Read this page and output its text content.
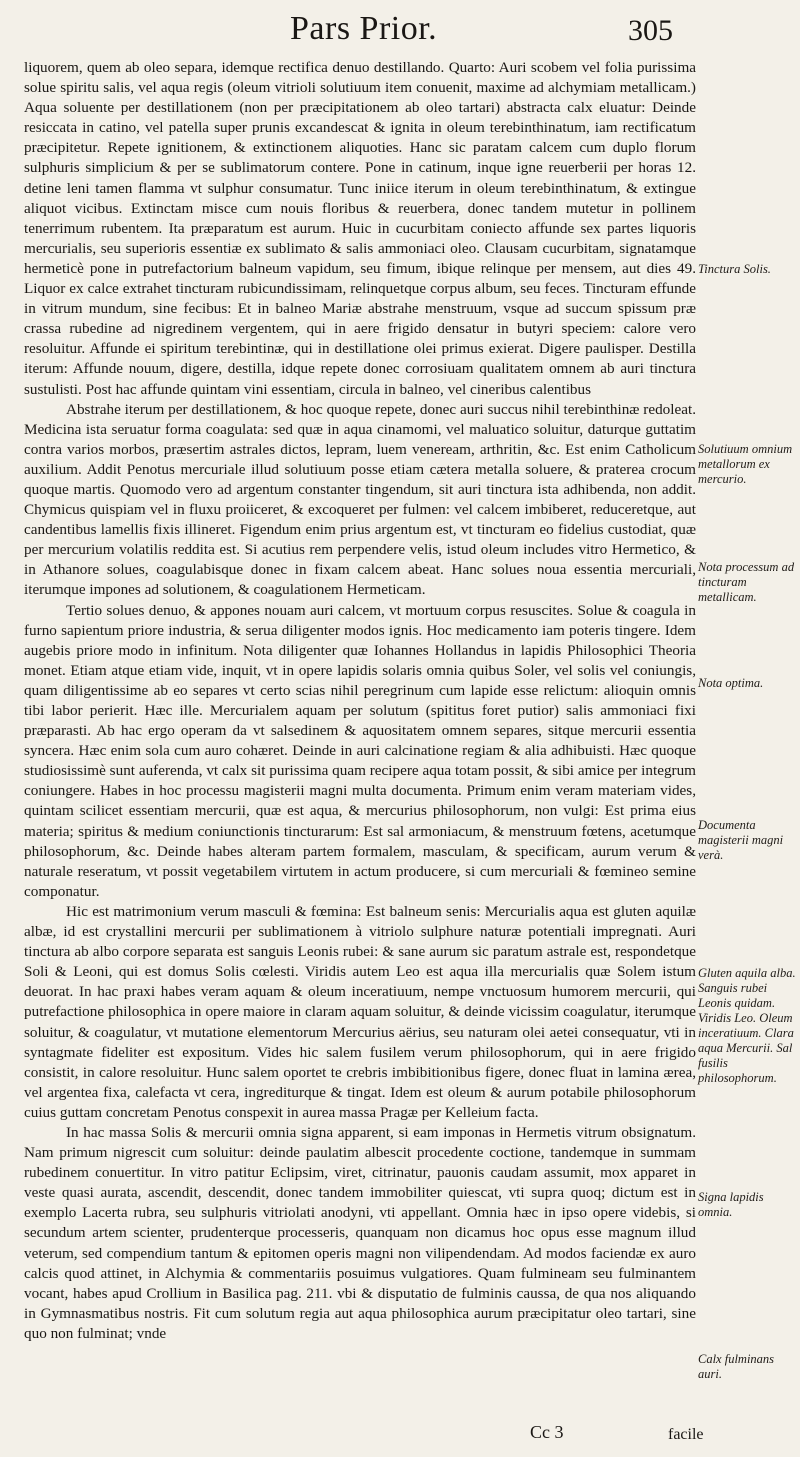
Pars Prior.	305

liquorem, quem ab oleo separa, idemque rectifica denuo destillando. Quarto: Auri scobem vel folia purissima solue spiritu salis, vel aqua regis (oleum vitrioli solutiuum item conuenit, maxime ad alchymiam metallicam.) Aqua soluente per destillationem (non per præcipitationem ab oleo tartari) abstracta calx eluatur: Deinde resiccata in catino, vel patella super prunis excandescat & ignita in oleum terebinthinatum, iam rectificatum præcipitetur. Repete ignitionem, & extinctionem aliquoties. Hanc sic paratam calcem cum duplo florum sulphuris simplicium & per se sublimatorum contere. Pone in catinum, inque igne reuerberii per horas 12. detine leni tamen flamma vt sulphur consumatur. Tunc iniice iterum in oleum terebinthinatum, & extingue aliquot vicibus. Extinctam misce cum nouis floribus & reuerbera, donec tandem mutetur in pollinem tenerrimum rubentem. Ita præparatum est aurum. Huic in cucurbitam coniecto affunde sex partes liquoris mercurialis, seu superioris essentiæ ex sublimato & salis ammoniaci oleo. Clausam cucurbitam, signatamque hermeticè pone in putrefactorium balneum vapidum, seu fimum, ibique relinque per mensem, aut dies 49. Liquor ex calce extrahet tincturam rubicundissimam, relinquetque corpus album, seu feces. Tincturam effunde in vitrum mundum, sine fecibus: Et in balneo Mariæ abstrahe menstruum, vsque ad succum spissum præ crassa rubedine ad nigredinem vergentem, qui in aere frigido densatur in butyri speciem: calore vero resoluitur. Affunde ei spiritum terebintinæ, qui in destillatione olei primus exierat. Digere paulisper. Destilla iterum: Affunde nouum, digere, destilla, idque repete donec corrosiuam qualitatem omnem ab auri tinctura sustulisti. Post hac affunde quintam vini essentiam, circula in balneo, vel cineribus calentibus

Abstrahe iterum per destillationem, & hoc quoque repete, donec auri succus nihil terebinthinæ redoleat. Medicina ista seruatur forma coagulata: sed quæ in aqua cinamomi, vel maluatico soluitur, daturque guttatim contra varios morbos, præsertim astrales dictos, lepram, luem veneream, arthritin, &c. Est enim Catholicum auxilium. Addit Penotus mercuriale illud solutiuum posse etiam cætera metalla soluere, & praterea crocum quoque martis. Quomodo vero ad argentum constanter tingendum, sit auri tinctura ista adhibenda, non addit. Chymicus quispiam vel in fluxu proiiceret, & excoqueret per fulmen: vel calcem imbiberet, reduceretque, aut candentibus lamellis fixis illineret. Figendum enim prius argentum est, vt tincturam eo fidelius custodiat, quæ per mercurium volatilis reddita est. Si acutius rem perpendere velis, istud oleum includes vitro Hermetico, & in Athanore solues, coagulabisque donec in fixam calcem abeat. Hanc solues noua essentia mercuriali, iterumque impones ad solutionem, & coagulationem Hermeticam.

Tertio solues denuo, & appones nouam auri calcem, vt mortuum corpus resuscites. Solue & coagula in furno sapientum priore industria, & serua diligenter modos ignis. Hoc medicamento iam poteris tingere. Idem augebis priore modo in infinitum. Nota diligenter quæ Iohannes Hollandus in lapidis Philosophici Theoria monet. Etiam atque etiam vide, inquit, vt in opere lapidis solaris omnia quibus Soler, vel solis vel coniungis, quam diligentissime ab eo separes vt certo scias nihil peregrinum cum lapide esse relictum: alioquin omnis tibi labor perierit. Hæc ille. Mercurialem aquam per solutum (spititus foret putior) salis ammoniaci fixi præparasti. Ab hac ergo operam da vt salsedinem & aquositatem omnem separes, sitque mercurii essentia syncera. Hæc enim sola cum auro cohæret. Deinde in auri calcinatione regiam & alia adhibuisti. Hæc quoque studiosissimè sunt auferenda, vt calx sit purissima quam recipere aqua totam possit, & sibi amice per integrum coniungere. Habes in hoc processu magisterii magni multa documenta. Primum enim veram materiam vides, quintam scilicet essentiam mercurii, quæ est aqua, & mercurius philosophorum, non vulgi: Est prima eius materia; spiritus & medium coniunctionis tincturarum: Est sal armoniacum, & menstruum fœtens, acetumque philosophorum, &c. Deinde habes alteram partem formalem, masculam, & specificam, aurum verum & naturale reseratum, vt possit vegetabilem virtutem in actum producere, si cum mercuriali & fœmineo semine componatur.

Hic est matrimonium verum masculi & fœmina: Est balneum senis: Mercurialis aqua est gluten aquilæ albæ, id est crystallini mercurii per sublimationem à vitriolo sulphure naturæ potentiali impregnati. Auri tinctura ab albo corpore separata est sanguis Leonis rubei: & sane aurum sic paratum astrale est, respondetque Soli & Leoni, qui est domus Solis cœlesti. Viridis autem Leo est aqua illa mercurialis quæ Solem istum deuorat. In hac praxi habes veram aquam & oleum inceratiuum, nempe vnctuosum humorem mercurii, qui putrefactione philosophica in opere maiore in claram aquam soluitur, & deinde vicissim coagulatur, iterumque soluitur, & coagulatur, vt mutatione elementorum Mercurius aërius, seu naturam olei aetei consequatur, vti in syntagmate fideliter est expositum. Vides hic salem fusilem verum philosophorum, qui in aere frigido consistit, in calore resoluitur. Hunc salem oportet te crebris imbibitionibus figere, donec fluat in lamina ærea, vel argentea fixa, calefacta vt cera, ingrediturque & tingat. Idem est oleum & aurum potabile philosophorum cuius guttam concretam Penotus conspexit in aurea massa Pragæ per Kelleium facta.

In hac massa Solis & mercurii omnia signa apparent, si eam imponas in Hermetis vitrum obsignatum. Nam primum nigrescit cum soluitur: deinde paulatim albescit procedente coctione, tandemque in summam rubedinem conuertitur. In vitro patitur Eclipsim, viret, citrinatur, pauonis caudam assumit, mox apparet in veste quasi aurata, ascendit, descendit, donec tandem immobiliter quiescat, vti supra quoq; dictum est in exemplo Lacerta rubra, seu sulphuris vitriolati anodyni, vti appellant. Omnia hæc in ipso opere videbis, si secundum artem scienter, prudenterque processeris, quanquam non dicamus hoc opus esse magnum illud veterum, sed compendium tantum & epitomen operis magni non vilipendendam. Ad modos faciendæ ex auro calcis quod attinet, in Alchymia & commentariis posuimus vulgatiores. Quam fulmineam seu fulminantem vocant, habes apud Crollium in Basilica pag. 211. vbi & disputatio de fulminis caussa, de qua nos aliquando in Gymnasmatibus nostris. Fit cum solutum regia aut aqua philosophica aurum præcipitatur oleo tartari, sine quo non fulminat; vnde

Tinctura Solis.
Solutiuum omnium metallorum ex mercurio.
Nota processum ad tincturam metallicam.
Nota optima.
Documenta magisterii magni verà.
Gluten aquila alba. Sanguis rubei Leonis quidam. Viridis Leo. Oleum inceratiuum. Clara aqua Mercurii. Sal fusilis philosophorum.
Signa lapidis omnia.
Calx fulminans auri.
Cc 3	facile
